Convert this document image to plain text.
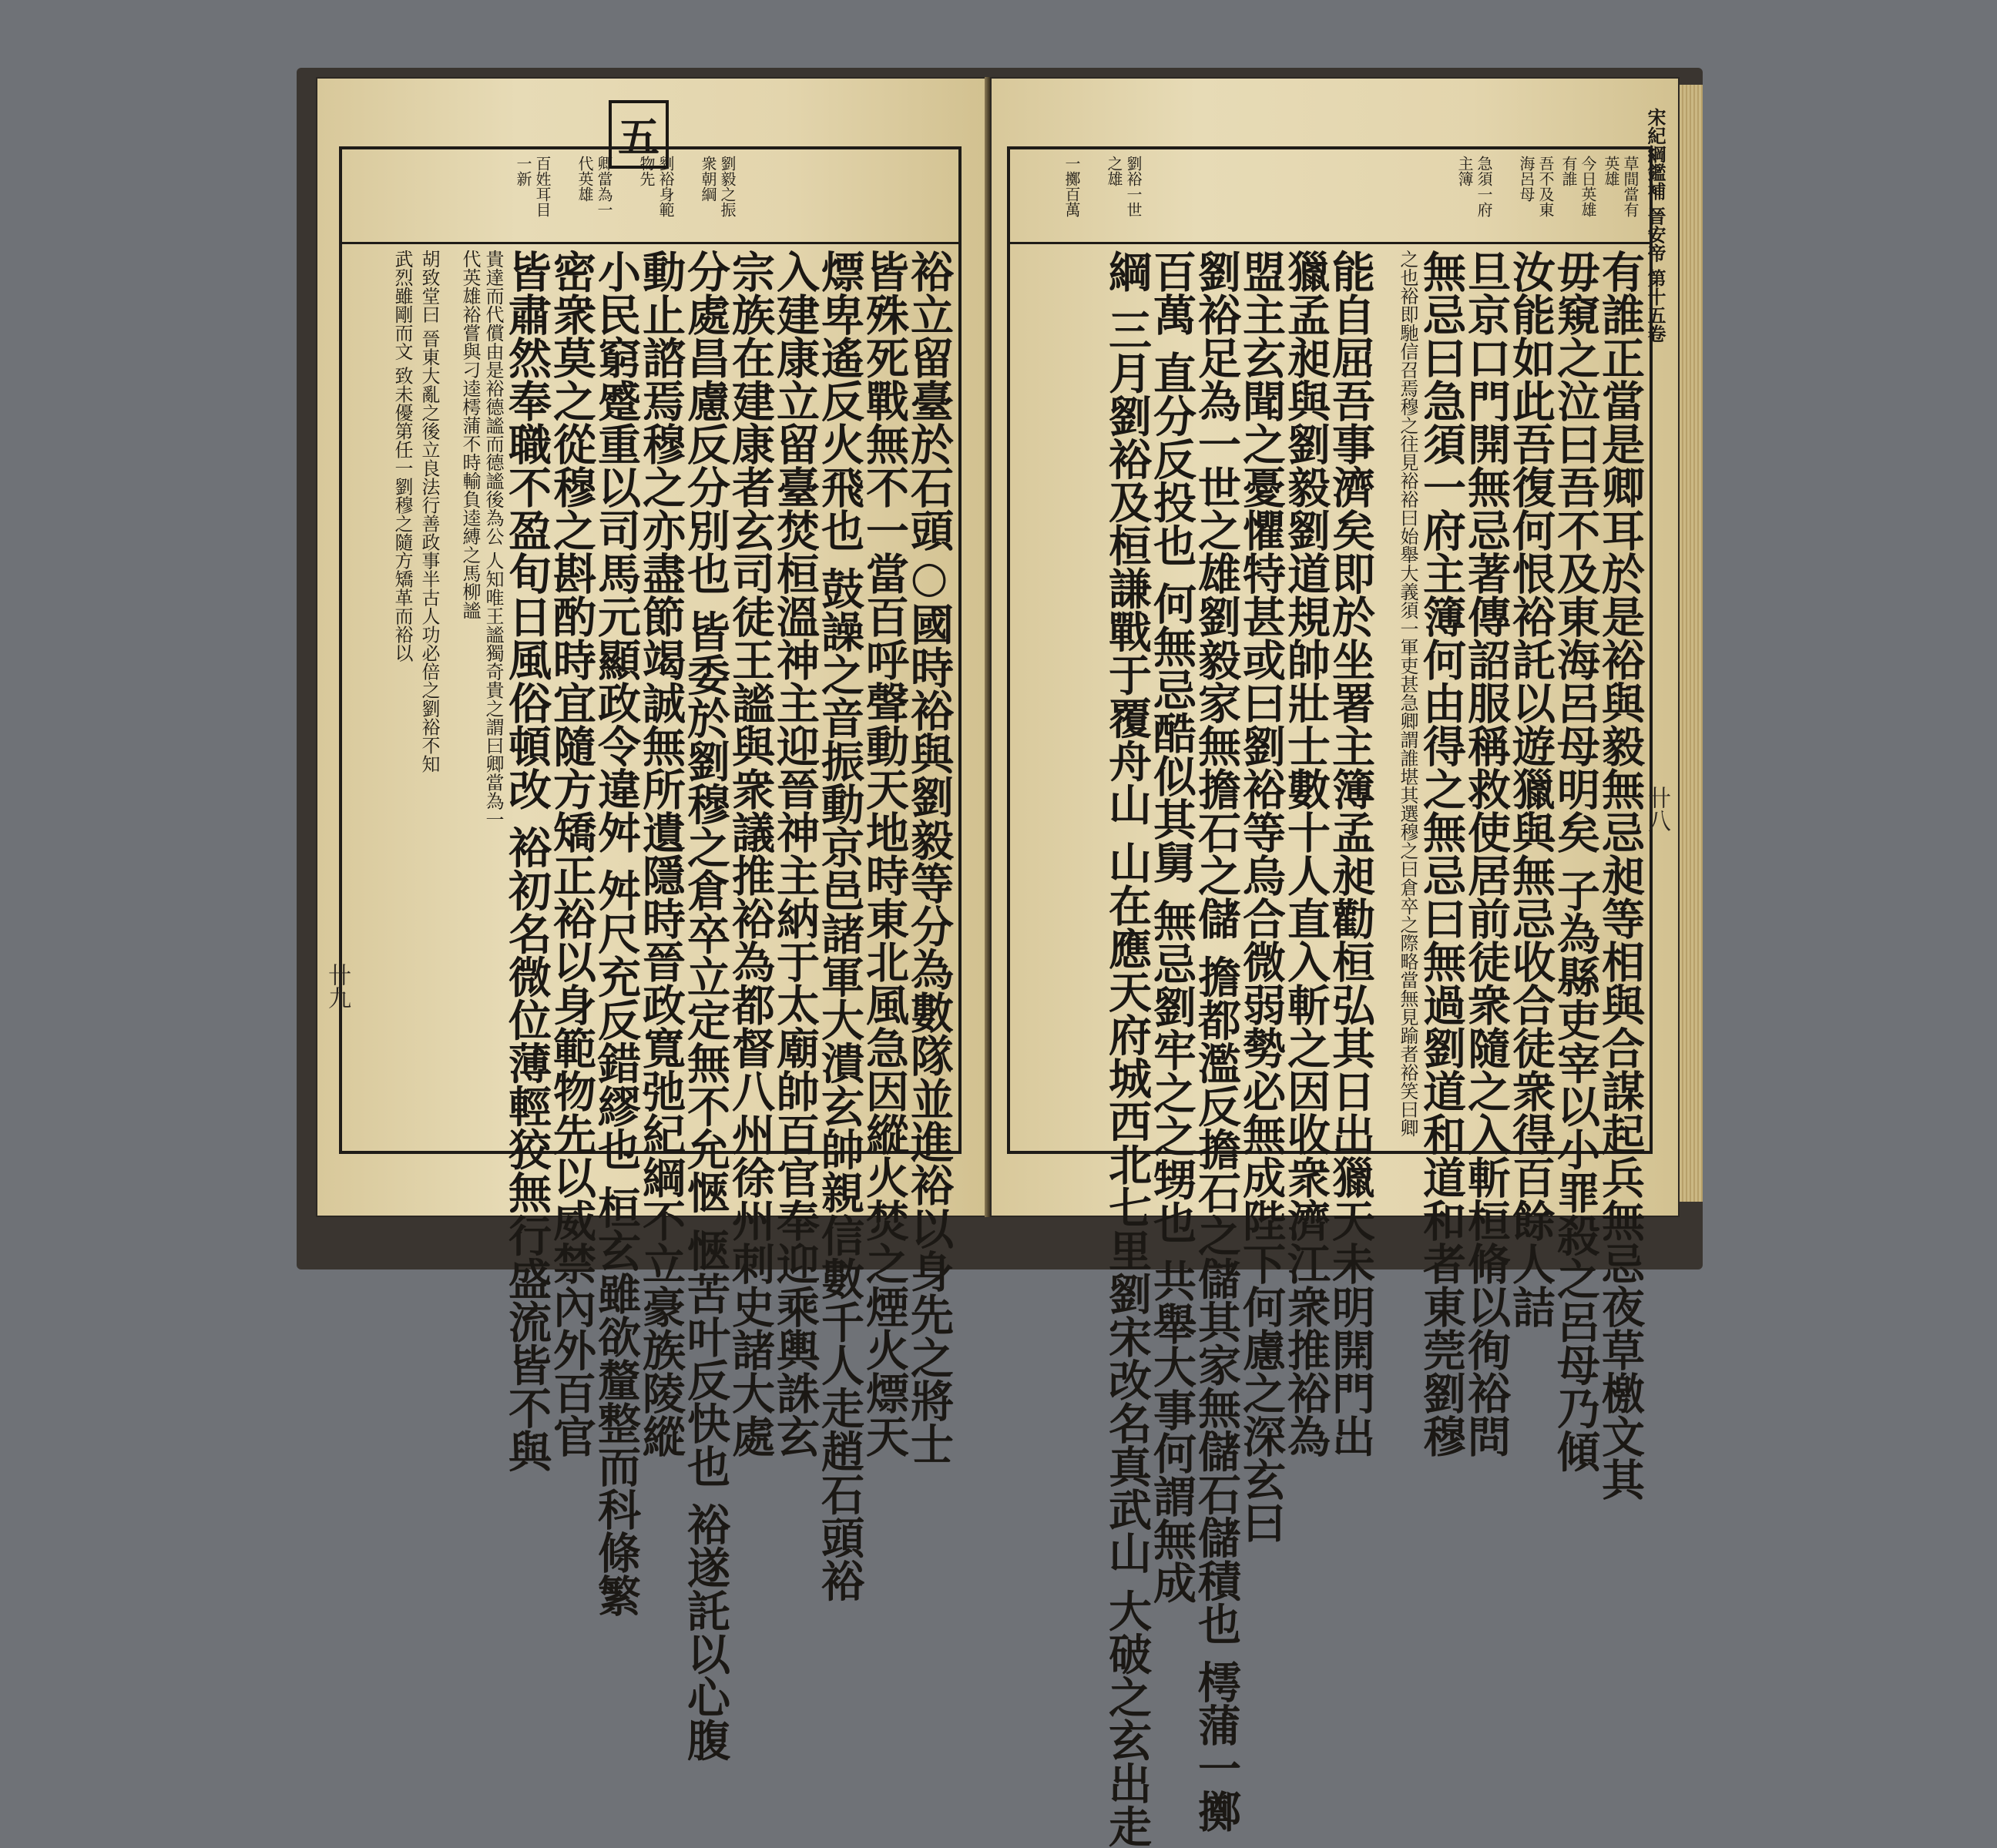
五
劉毅之振
衆朝綱
劉裕身範
物先
卿當為一
代英雄
百姓耳目
一新
裕立留臺於石頭○國時裕與劉毅等分為數隊並進裕以身先之將士
皆殊死戰無不一當百呼聲動天地時東北風急因縱火焚之煙火熛天
熛卑遙反火飛也 鼓譟之音振動京邑諸軍大潰玄帥親信數千人走趙石頭裕
入建康立留臺焚桓溫神主迎晉神主納于太廟帥百官奉迎乘輿誅玄
宗族在建康者玄司徒王謐與衆議推裕為都督八州徐州刺史諸大處
分處昌慮反分別也 皆委於劉穆之倉卒立定無不允愜 愜苦叶反快也 裕遂託以心腹
動止諮焉穆之亦盡節竭誠無所遺隱時晉政寬弛紀綱不立豪族陵縱
小民窮蹙重以司馬元顯政令違舛 舛尺充反錯繆也 桓玄雖欲釐整而科條繁
密衆莫之從穆之斟酌時宜隨方矯正裕以身範物先以威禁內外百官
皆肅然奉職不盈旬日風俗頓改 裕初名微位薄輕狡無行盛流皆不與
貴達而代償由是裕德謐而德謐後為公 人知唯王謐獨奇貴之謂曰卿當為一
代英雄裕嘗與刁逵樗蒲不時輸負逵縛之馬柳謐
胡致堂曰 晉東大亂之後立良法行善政事半古人功必倍之劉裕不知
武烈雖剛而文 致未優第任一劉穆之隨方矯革而裕以
卄九
宋紀綱鑑補 晉安帝 第十五卷
草間當有
英雄
今日英雄
有誰
吾不及東
海呂母
急須一府
主簿
劉裕一世
之雄
一擲百萬
有誰正當是卿耳於是裕與毅無忌昶等相與合謀起兵無忌夜草檄文其
毋窺之泣曰吾不及東海呂母明矣 子為縣吏宰以小罪殺之呂母乃傾
汝能如此吾復何恨裕託以遊獵與無忌收合徒衆得百餘人詰
旦京口門開無忌著傳詔服稱救使居前徒衆隨之入斬桓脩以徇裕問
無忌曰急須一府主簿何由得之無忌曰無過劉道和道和者東莞劉穆
之也裕即馳信召焉穆之往見裕裕曰始舉大義須一軍吏甚急卿謂誰堪其選穆之曰倉卒之際略當無見踰者裕笑曰卿
能自屈吾事濟矣即於坐署主簿孟昶勸桓弘其日出獵天未明開門出
獵孟昶與劉毅劉道規帥壯士數十人直入斬之因收衆濟江衆推裕為
盟主玄聞之憂懼特甚或曰劉裕等烏合微弱勢必無成陛下何慮之深玄曰
劉裕足為一世之雄劉毅家無擔石之儲 擔都濫反擔石之儲其家無儲石儲積也 樗蒲一擲
百萬 直分反投也 何無忌酷似其舅 無忌劉牢之之甥也 共舉大事何謂無成
綱 三月劉裕及桓謙戰于覆舟山 山在應天府城西北七里劉宋改名真武山 大破之玄出走	卄八
